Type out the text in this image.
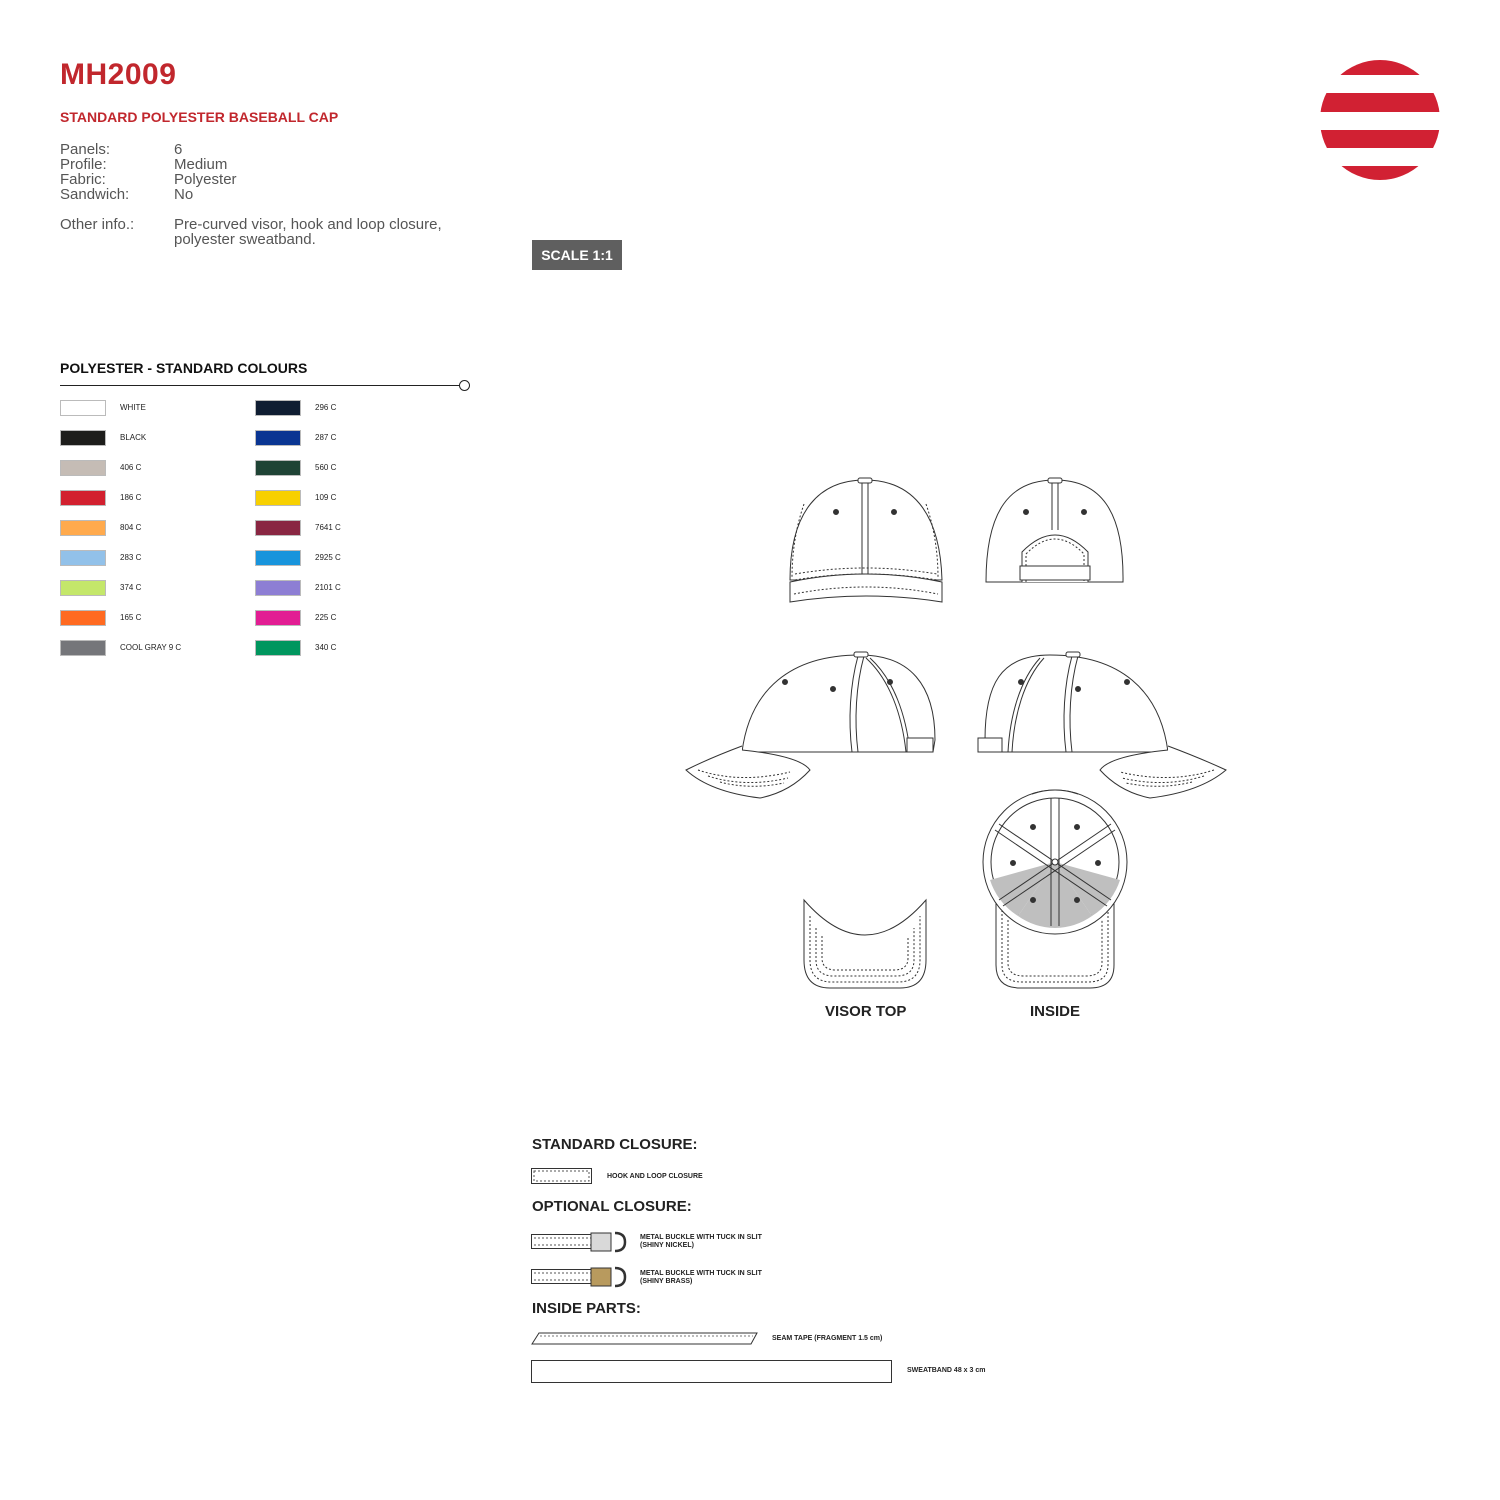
MH2009
STANDARD POLYESTER BASEBALL CAP
Panels:	6
Profile:	Medium
Fabric:	Polyester
Sandwich:	No
Other info.:	Pre-curved visor, hook and loop closure,
polyester sweatband.
SCALE 1:1
POLYESTER - STANDARD COLOURS
WHITE
BLACK
406 C
186 C
804 C
283 C
374 C
165 C
COOL GRAY 9 C
296 C
287 C
560 C
109 C
7641 C
2925 C
2101 C
225 C
340 C
VISOR TOP	INSIDE
STANDARD CLOSURE:
HOOK AND LOOP CLOSURE
OPTIONAL CLOSURE:
METAL BUCKLE WITH TUCK IN SLIT
(SHINY NICKEL)
METAL BUCKLE WITH TUCK IN SLIT
(SHINY BRASS)
INSIDE PARTS:
SEAM TAPE (FRAGMENT 1.5 cm)
SWEATBAND 48 x 3 cm
